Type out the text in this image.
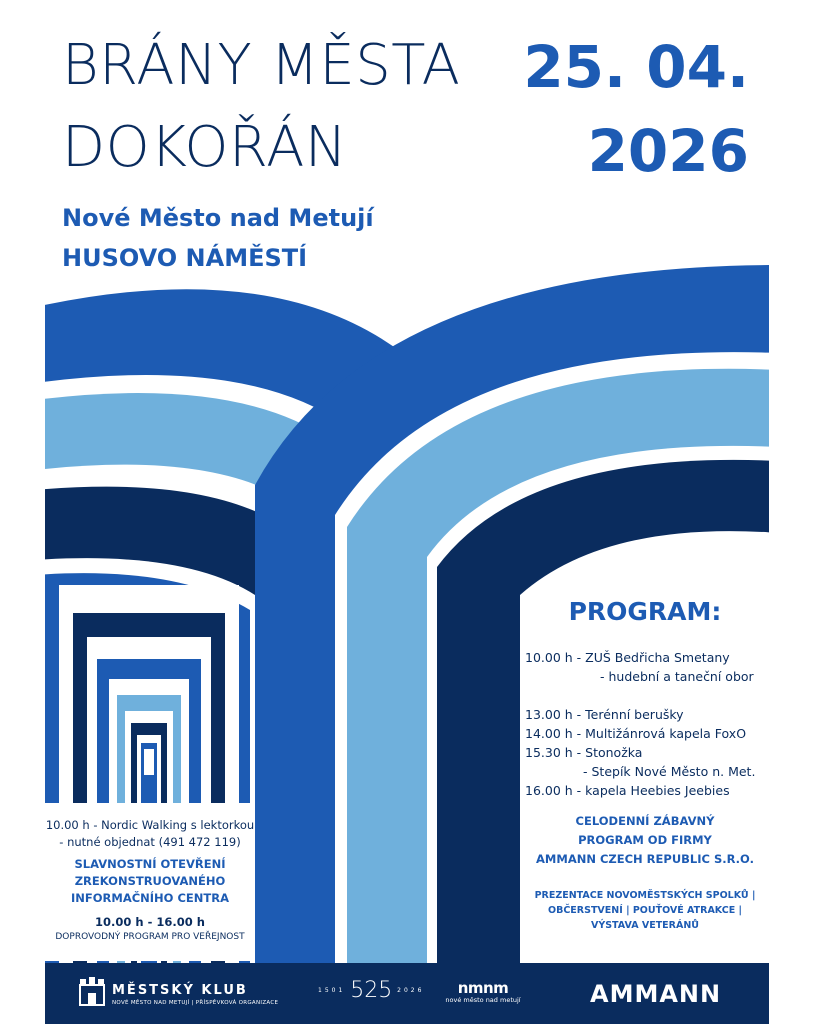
BRÁNY MĚSTA
DOKOŘÁN
25. 04.
2026
Nové Město nad Metují
HUSOVO NÁMĚSTÍ
10.00 h - Nordic Walking s lektorkou
- nutné objednat (491 472 119)
SLAVNOSTNÍ OTEVŘENÍ
ZREKONSTRUOVANÉHO
INFORMAČNÍHO CENTRA
10.00 h - 16.00 h
DOPROVODNÝ PROGRAM PRO VEŘEJNOST
PROGRAM:
10.00 h - ZUŠ Bedřicha Smetany
- hudební a taneční obor
13.00 h - Terénní berušky
14.00 h - Multižánrová kapela FoxO
15.30 h - Stonožka
- Stepík Nové Město n. Met.
16.00 h - kapela Heebies Jeebies
CELODENNÍ ZÁBAVNÝ
PROGRAM OD FIRMY
AMMANN CZECH REPUBLIC S.R.O.
PREZENTACE NOVOMĚSTSKÝCH SPOLKŮ |
OBČERSTVENÍ | POUŤOVÉ ATRAKCE |
VÝSTAVA VETERÁNŮ
MĚSTSKÝ KLUB
NOVÉ MĚSTO NAD METUJÍ | PŘÍSPĚVKOVÁ ORGANIZACE
1501 525 2026	nmnm
nové město nad metují	AMMANN
